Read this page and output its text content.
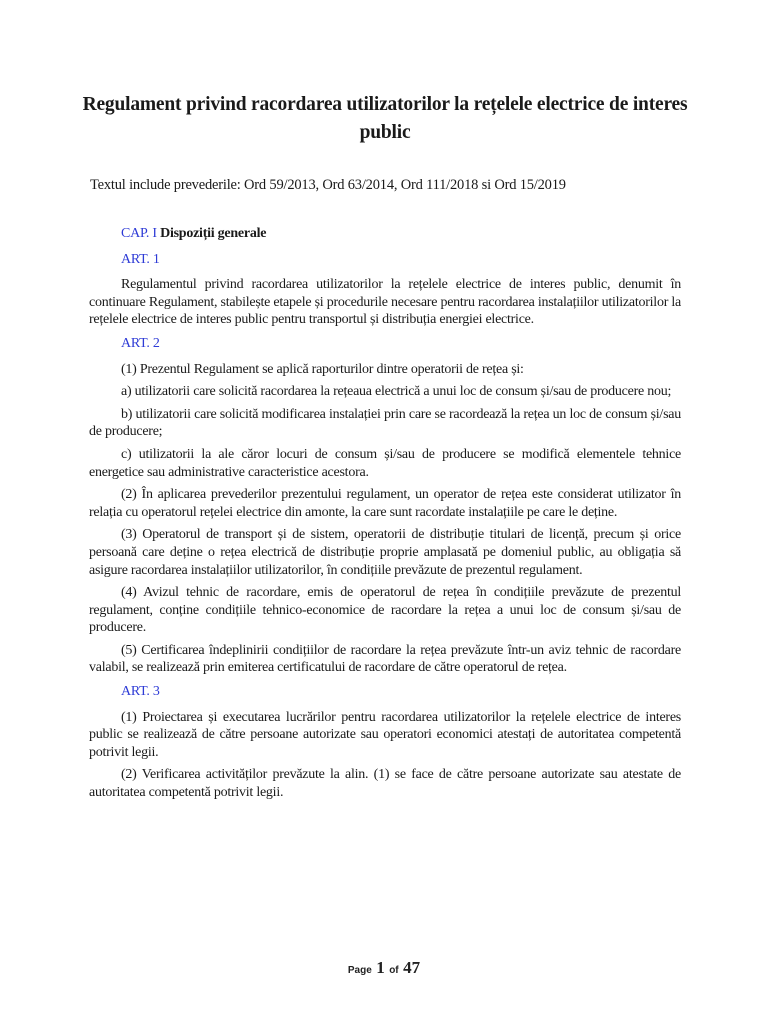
Regulament privind racordarea utilizatorilor la rețelele electrice de interes public
Textul include prevederile: Ord 59/2013, Ord 63/2014, Ord 111/2018 si Ord 15/2019
CAP. I Dispoziții generale
ART. 1

Regulamentul privind racordarea utilizatorilor la rețelele electrice de interes public, denumit în continuare Regulament, stabilește etapele și procedurile necesare pentru racordarea instalațiilor utilizatorilor la rețelele electrice de interes public pentru transportul și distribuția energiei electrice.

ART. 2

(1) Prezentul Regulament se aplică raporturilor dintre operatorii de rețea și:

a) utilizatorii care solicită racordarea la rețeaua electrică a unui loc de consum și/sau de producere nou;

b) utilizatorii care solicită modificarea instalației prin care se racordează la rețea un loc de consum și/sau de producere;

c) utilizatorii la ale căror locuri de consum și/sau de producere se modifică elementele tehnice energetice sau administrative caracteristice acestora.

(2) În aplicarea prevederilor prezentului regulament, un operator de rețea este considerat utilizator în relația cu operatorul rețelei electrice din amonte, la care sunt racordate instalațiile pe care le deține.

(3) Operatorul de transport și de sistem, operatorii de distribuție titulari de licență, precum și orice persoană care deține o rețea electrică de distribuție proprie amplasată pe domeniul public, au obligația să asigure racordarea instalațiilor utilizatorilor, în condițiile prevăzute de prezentul regulament.

(4) Avizul tehnic de racordare, emis de operatorul de rețea în condițiile prevăzute de prezentul regulament, conține condițiile tehnico-economice de racordare la rețea a unui loc de consum și/sau de producere.

(5) Certificarea îndeplinirii condițiilor de racordare la rețea prevăzute într-un aviz tehnic de racordare valabil, se realizează prin emiterea certificatului de racordare de către operatorul de rețea.

ART. 3

(1) Proiectarea și executarea lucrărilor pentru racordarea utilizatorilor la rețelele electrice de interes public se realizează de către persoane autorizate sau operatori economici atestați de autoritatea competentă potrivit legii.

(2) Verificarea activităților prevăzute la alin. (1) se face de către persoane autorizate sau atestate de autoritatea competentă potrivit legii.

Page 1 of 47
